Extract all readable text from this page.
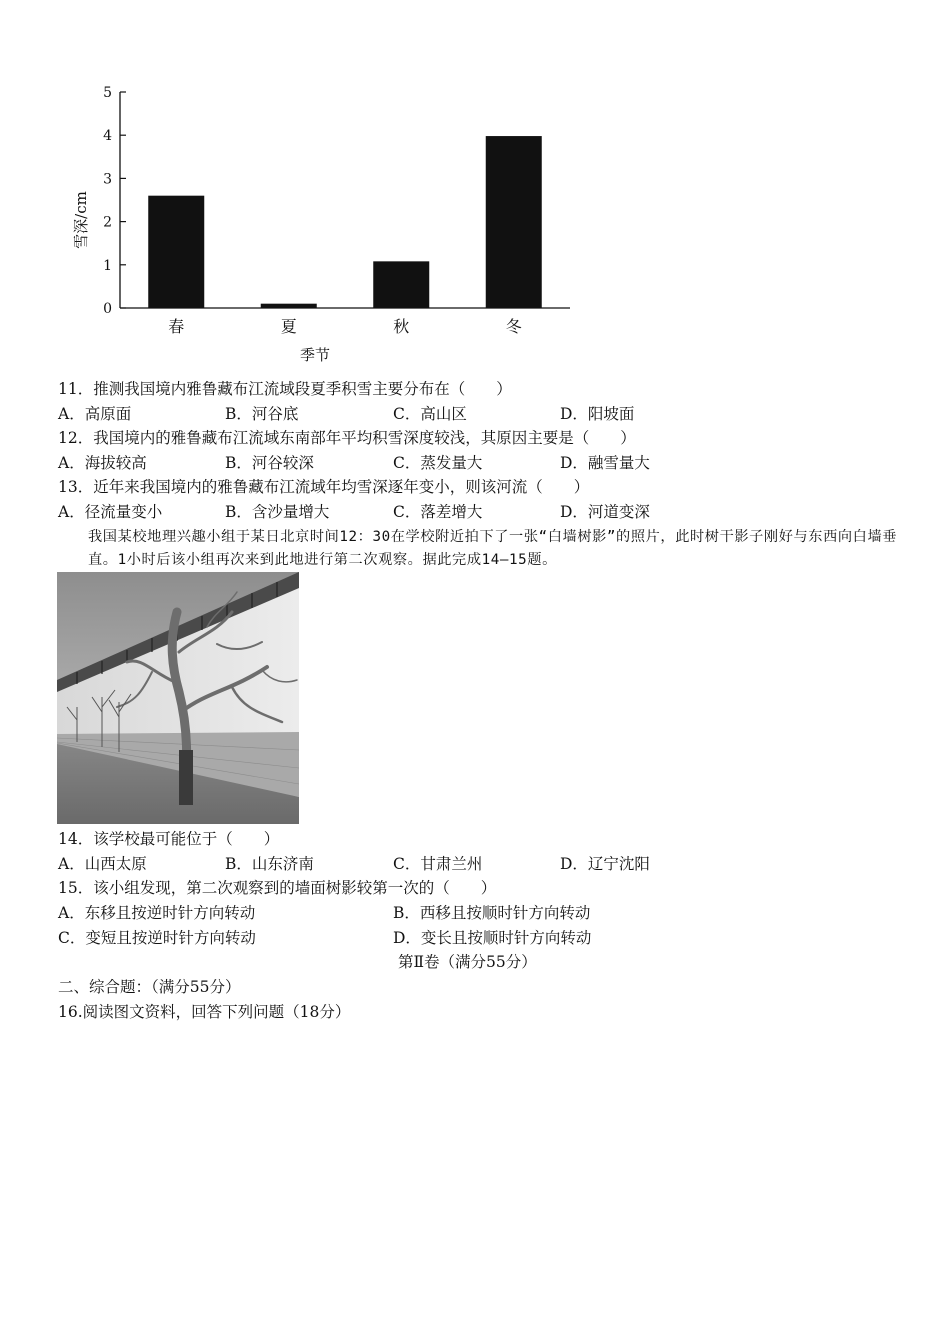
0
1
2
3
4
5
春	夏	秋	冬
季节
雪深/cm
11．推测我国境内雅鲁藏布江流域段夏季积雪主要分布在（　　）
A．高原面	B．河谷底	C．高山区	D．阳坡面
12．我国境内的雅鲁藏布江流域东南部年平均积雪深度较浅，其原因主要是（　　）
A．海拔较高	B．河谷较深	C．蒸发量大	D．融雪量大
13．近年来我国境内的雅鲁藏布江流域年均雪深逐年变小，则该河流（　　）
A．径流量变小	B．含沙量增大	C．落差增大	D．河道变深
我国某校地理兴趣小组于某日北京时间12：30在学校附近拍下了一张“白墙树影”的照片，此时树干影子刚好与东西向白墙垂直。1小时后该小组再次来到此地进行第二次观察。据此完成14–15题。
14．该学校最可能位于（　　）
A．山西太原	B．山东济南	C．甘肃兰州	D．辽宁沈阳
15．该小组发现，第二次观察到的墙面树影较第一次的（　　）
A．东移且按逆时针方向转动	B．西移且按顺时针方向转动
C．变短且按逆时针方向转动	D．变长且按顺时针方向转动
第Ⅱ卷（满分55分）
二、综合题：（满分55分）
16.阅读图文资料，回答下列问题（18分）
